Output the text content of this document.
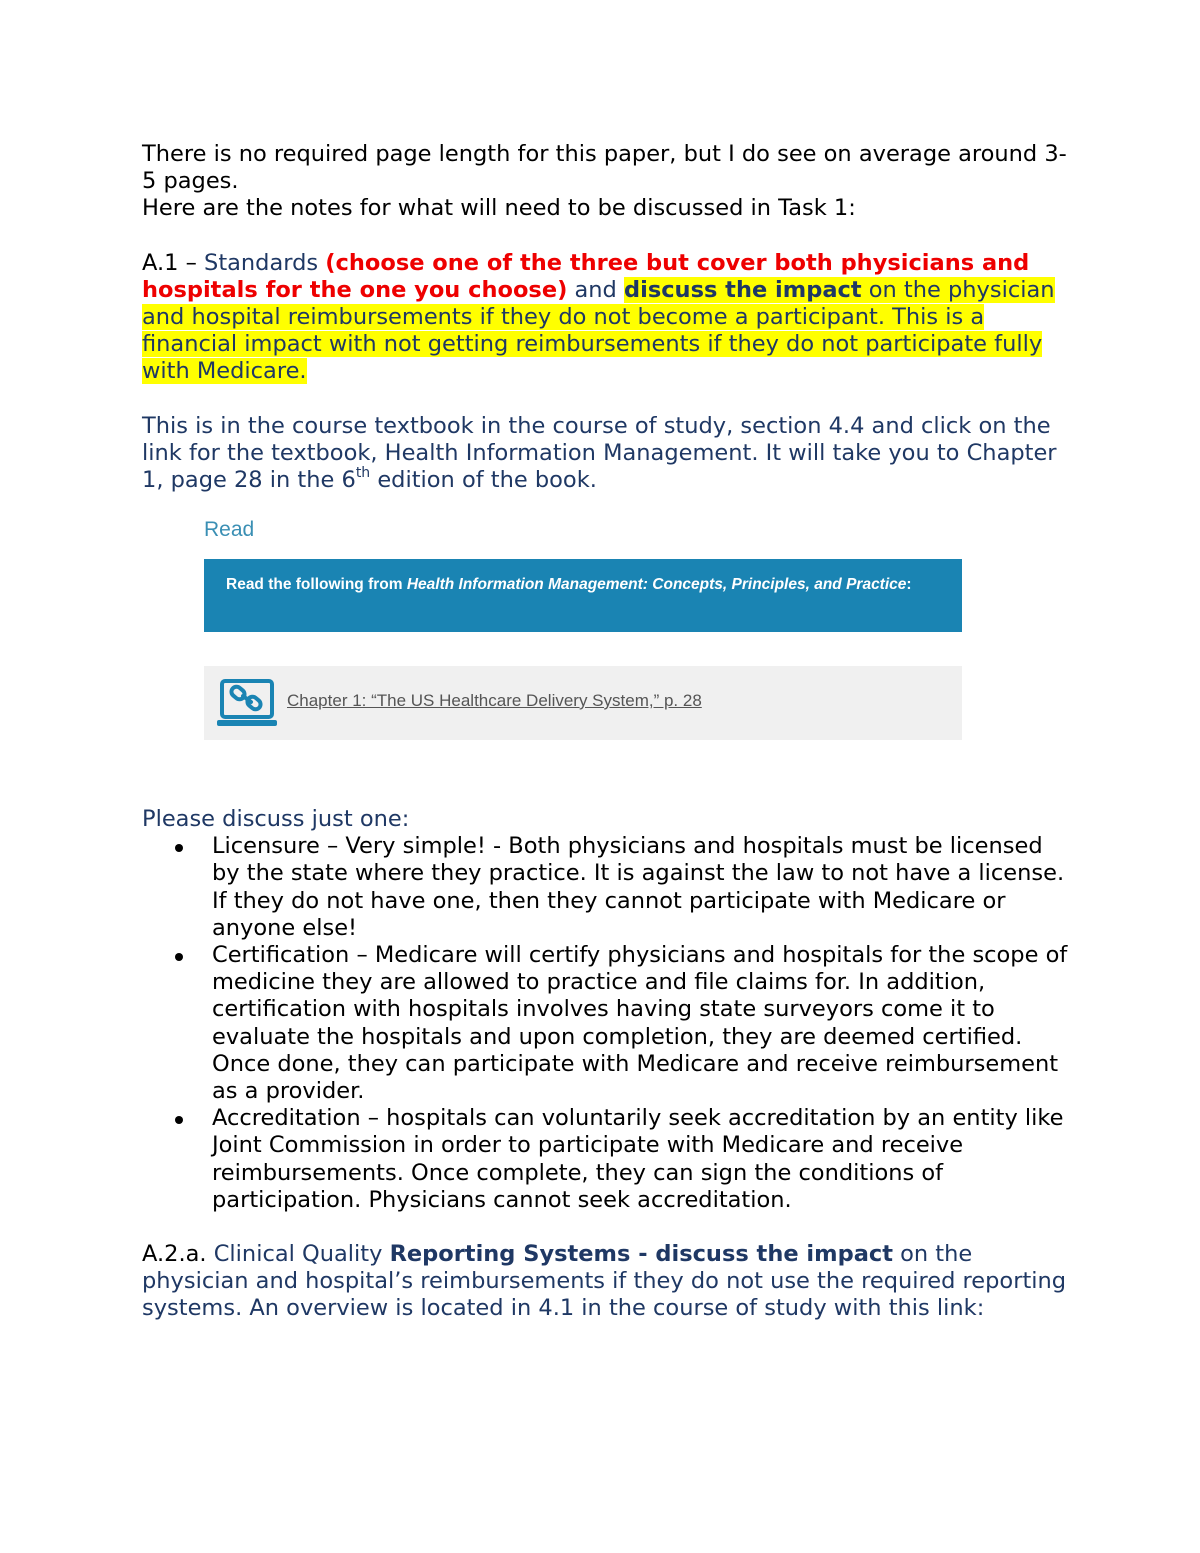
There is no required page length for this paper, but I do see on average around 3-5 pages.

Here are the notes for what will need to be discussed in Task 1:

A.1 – Standards (choose one of the three but cover both physicians and hospitals for the one you choose) and discuss the impact on the physician and hospital reimbursements if they do not become a participant. This is a financial impact with not getting reimbursements if they do not participate fully with Medicare.

This is in the course textbook in the course of study, section 4.4 and click on the link for the textbook, Health Information Management. It will take you to Chapter 1, page 28 in the 6th edition of the book.

Read
Read the following from Health Information Management: Concepts, Principles, and Practice:
Chapter 1: “The US Healthcare Delivery System,” p. 28

Please discuss just one:

Licensure – Very simple! - Both physicians and hospitals must be licensed by the state where they practice. It is against the law to not have a license. If they do not have one, then they cannot participate with Medicare or anyone else!
Certification – Medicare will certify physicians and hospitals for the scope of medicine they are allowed to practice and file claims for. In addition, certification with hospitals involves having state surveyors come it to evaluate the hospitals and upon completion, they are deemed certified. Once done, they can participate with Medicare and receive reimbursement as a provider.
Accreditation – hospitals can voluntarily seek accreditation by an entity like Joint Commission in order to participate with Medicare and receive reimbursements. Once complete, they can sign the conditions of participation. Physicians cannot seek accreditation.

A.2.a. Clinical Quality Reporting Systems - discuss the impact on the physician and hospital’s reimbursements if they do not use the required reporting systems. An overview is located in 4.1 in the course of study with this link:
